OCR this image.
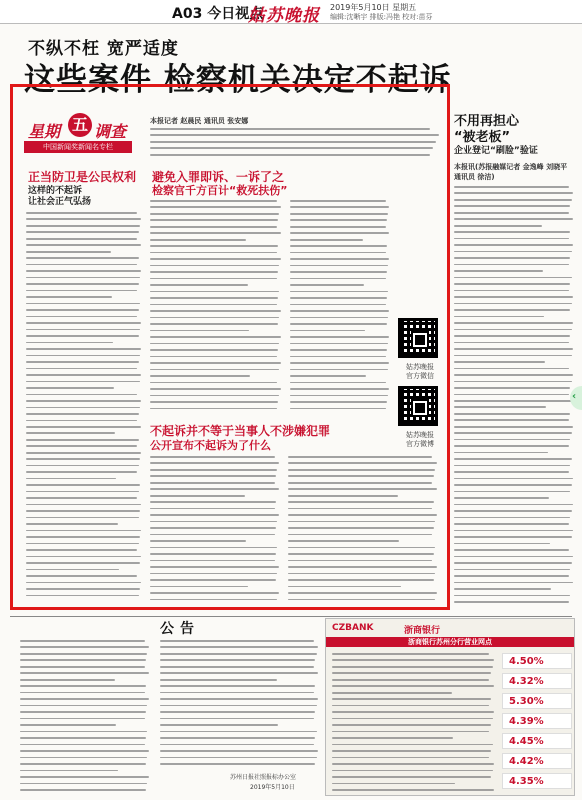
A03 今日视点
姑苏晚报 2019年5月10日 星期五
编辑:沈晰宇 排版:冯艳 校对:苗芬
不纵不枉 宽严适度
这些案件 检察机关决定不起诉
星期 五 调查
中国新闻奖新闻名专栏
本报记者 赵晨民 通讯员 张安娜
正当防卫是公民权利
这样的不起诉
让社会正气弘扬
避免入罪即诉、一诉了之
检察官千方百计“救死扶伤”
姑苏晚报
官方微信
姑苏晚报
官方微博
不起诉并不等于当事人不涉嫌犯罪
公开宣布不起诉为了什么
不用再担心
“被老板”
企业登记“刷脸”验证
本报讯(苏报融媒记者 金逸峰 刘晓平 通讯员 徐洁)
‹
公告
苏州日报社照报标办公室
2019年5月10日
CZBANK	浙商银行
浙商银行苏州分行营业网点
4.50%
4.32%
5.30%
4.39%
4.45%
4.42%
4.35%
